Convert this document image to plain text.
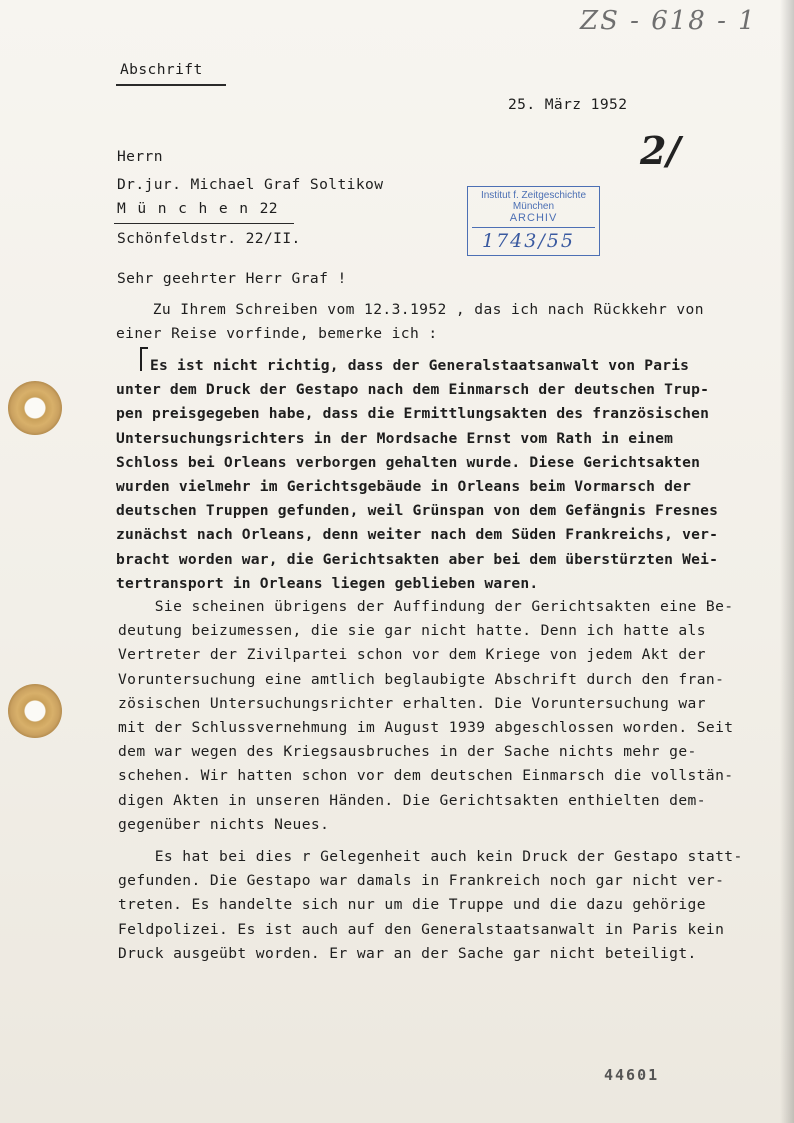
ZS - 618 - 1
2/
Abschrift
25. März 1952
Herrn
Dr.jur. Michael Graf Soltikow
M ü n c h e n 22
Schönfeldstr. 22/II.
Institut f. Zeitgeschichte
München
ARCHIV
1743/55
Sehr geehrter Herr Graf !
Zu Ihrem Schreiben vom 12.3.1952 , das ich nach Rückkehr von
einer Reise vorfinde, bemerke ich :
Es ist nicht richtig, dass der Generalstaatsanwalt von Paris
unter dem Druck der Gestapo nach dem Einmarsch der deutschen Trup-
pen preisgegeben habe, dass die Ermittlungsakten des französischen
Untersuchungsrichters in der Mordsache Ernst vom Rath in einem
Schloss bei Orleans verborgen gehalten wurde. Diese Gerichtsakten
wurden vielmehr im Gerichtsgebäude in Orleans beim Vormarsch der
deutschen Truppen gefunden, weil Grünspan von dem Gefängnis Fresnes
zunächst nach Orleans, denn weiter nach dem Süden Frankreichs, ver-
bracht worden war, die Gerichtsakten aber bei dem überstürzten Wei-
tertransport in Orleans liegen geblieben waren.
Sie scheinen übrigens der Auffindung der Gerichtsakten eine Be-
deutung beizumessen, die sie gar nicht hatte. Denn ich hatte als
Vertreter der Zivilpartei schon vor dem Kriege von jedem Akt der
Voruntersuchung eine amtlich beglaubigte Abschrift durch den fran-
zösischen Untersuchungsrichter erhalten. Die Voruntersuchung war
mit der Schlussvernehmung im August 1939 abgeschlossen worden. Seit
dem war wegen des Kriegsausbruches in der Sache nichts mehr ge-
schehen. Wir hatten schon vor dem deutschen Einmarsch die vollstän-
digen Akten in unseren Händen. Die Gerichtsakten enthielten dem-
gegenüber nichts Neues.
Es hat bei dies r Gelegenheit auch kein Druck der Gestapo statt-
gefunden. Die Gestapo war damals in Frankreich noch gar nicht ver-
treten. Es handelte sich nur um die Truppe und die dazu gehörige
Feldpolizei. Es ist auch auf den Generalstaatsanwalt in Paris kein
Druck ausgeübt worden. Er war an der Sache gar nicht beteiligt.
44601
